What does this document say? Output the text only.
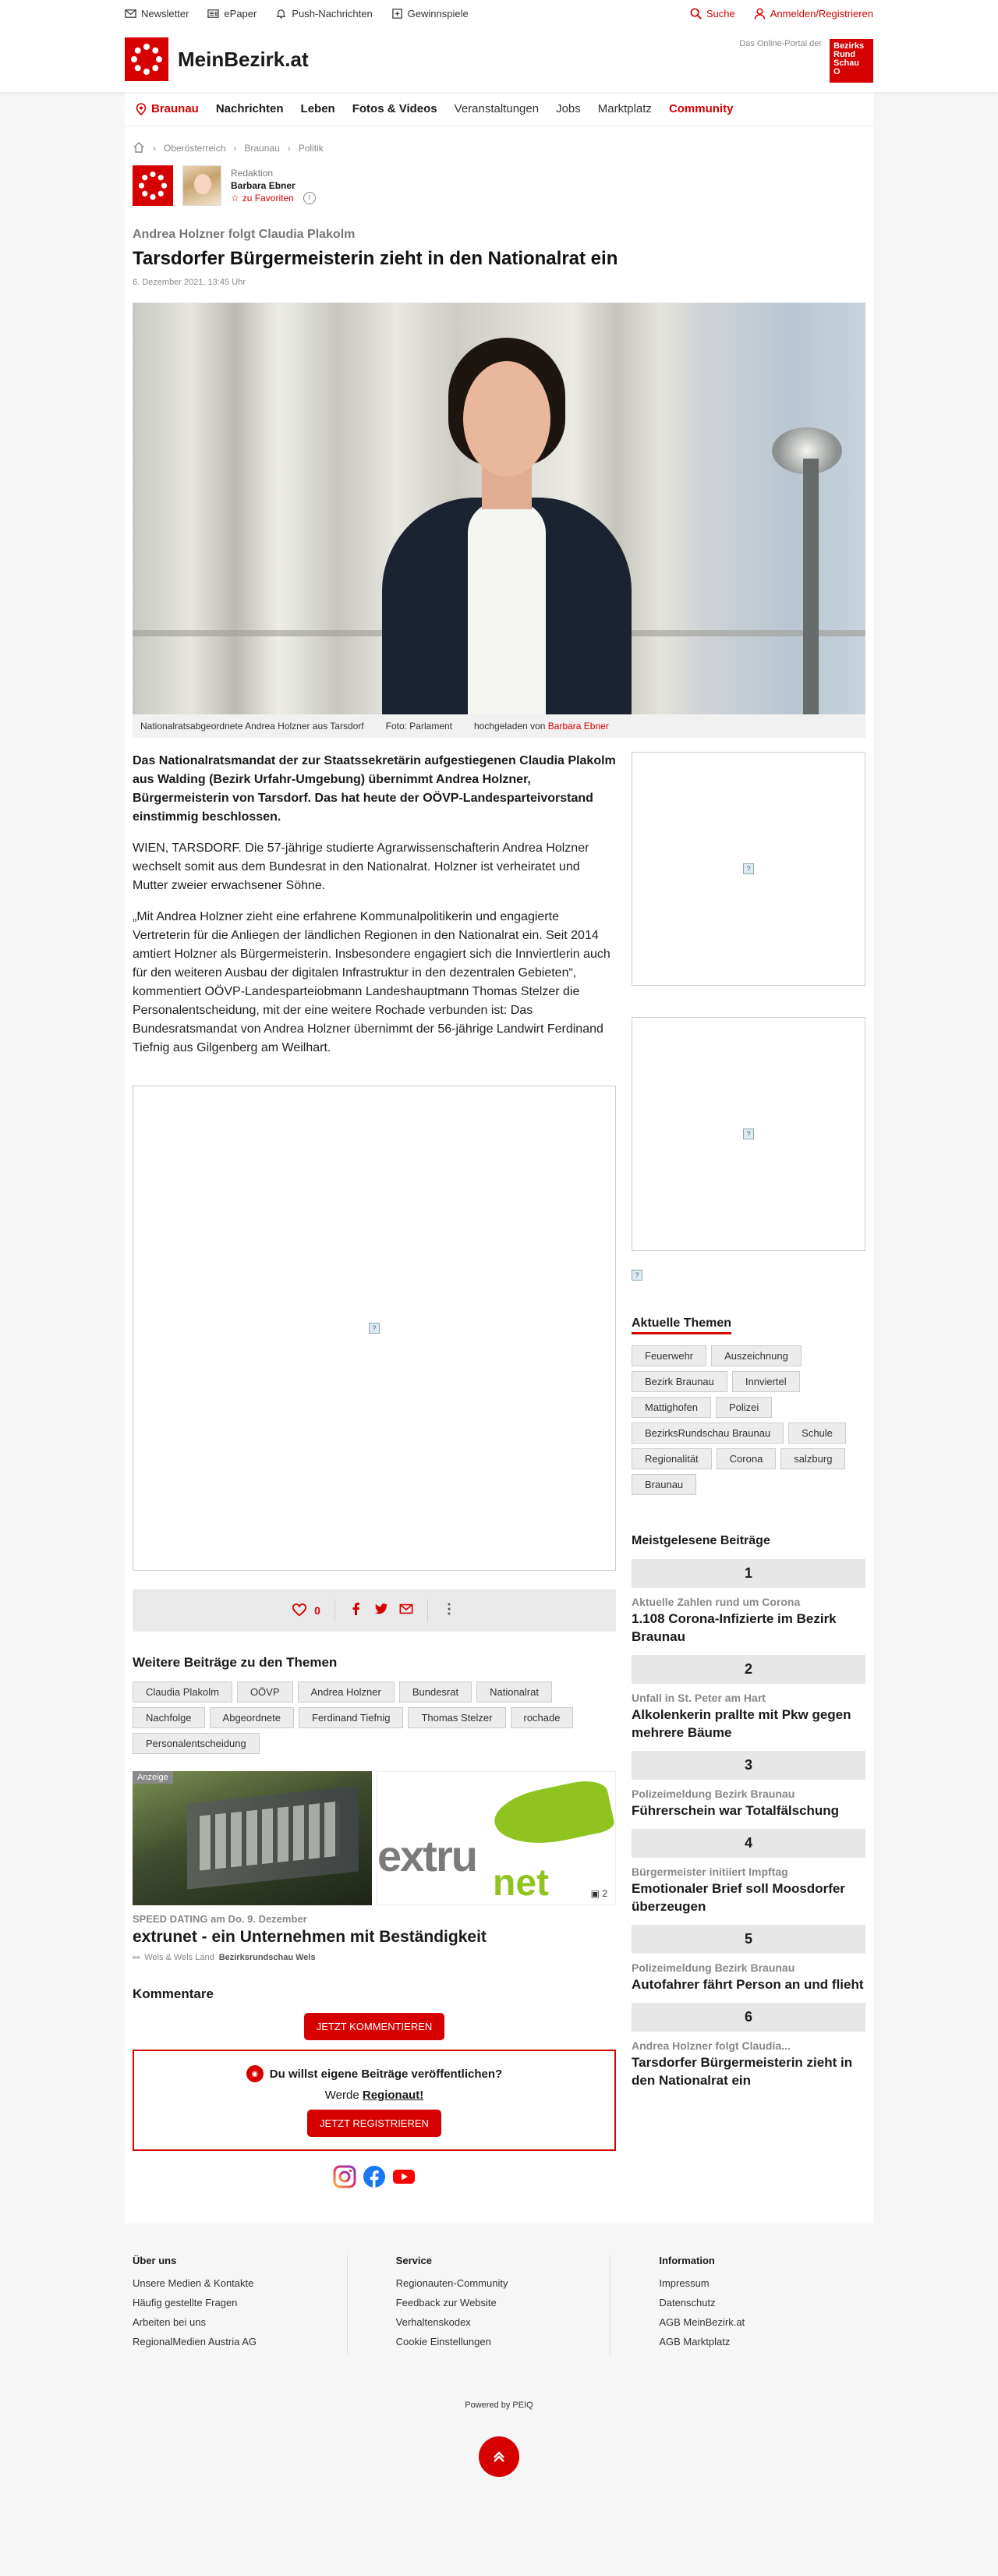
Newsletter	ePaper	Push-Nachrichten	Gewinnspiele	Suche	Anmelden/Registrieren
MeinBezirk.at
Das Online-Portal der Bezirks
Rund
Schau
O
Braunau Nachrichten Leben Fotos & Videos Veranstaltungen Jobs Marktplatz Community
› Oberösterreich › Braunau › Politik
Redaktion
Barbara Ebner
☆ zu Favoriten	i
Andrea Holzner folgt Claudia Plakolm
Tarsdorfer Bürgermeisterin zieht in den Nationalrat ein
6. Dezember 2021, 13:45 Uhr
Nationalratsabgeordnete Andrea Holzner aus Tarsdorf Foto: Parlament hochgeladen von Barbara Ebner

Das Nationalratsmandat der zur Staatssekretärin aufgestiegenen Claudia Plakolm aus Walding (Bezirk Urfahr-Umgebung) übernimmt Andrea Holzner, Bürgermeisterin von Tarsdorf. Das hat heute der OÖVP-Landesparteivorstand einstimmig beschlossen.

WIEN, TARSDORF. Die 57-jährige studierte Agrarwissenschafterin Andrea Holzner wechselt somit aus dem Bundesrat in den Nationalrat. Holzner ist verheiratet und Mutter zweier erwachsener Söhne.

„Mit Andrea Holzner zieht eine erfahrene Kommunalpolitikerin und engagierte Vertreterin für die Anliegen der ländlichen Regionen in den Nationalrat ein. Seit 2014 amtiert Holzner als Bürgermeisterin. Insbesondere engagiert sich die Innviertlerin auch für den weiteren Ausbau der digitalen Infrastruktur in den dezentralen Gebieten“, kommentiert OÖVP-Landesparteiobmann Landeshauptmann Thomas Stelzer die Personalentscheidung, mit der eine weitere Rochade verbunden ist: Das Bundesratsmandat von Andrea Holzner übernimmt der 56-jährige Landwirt Ferdinand Tiefnig aus Gilgenberg am Weilhart.

?
0
Weitere Beiträge zu den Themen
Claudia Plakolm	OÖVP	Andrea Holzner	Bundesrat	Nationalrat
Nachfolge	Abgeordnete	Ferdinand Tiefnig	Thomas Stelzer	rochade
Personalentscheidung
Anzeige
extru
net	▣ 2
SPEED DATING am Do. 9. Dezember
extrunet - ein Unternehmen mit Beständigkeit
⚯ Wels & Wels Land Bezirksrundschau Wels
Kommentare
JETZT KOMMENTIEREN
◉ Du willst eigene Beiträge veröffentlichen?
Werde Regionaut!
JETZT REGISTRIEREN
?
?
?
Aktuelle Themen
Feuerwehr	Auszeichnung
Bezirk Braunau	Innviertel
Mattighofen	Polizei
BezirksRundschau Braunau	Schule
Regionalität	Corona	salzburg
Braunau
Meistgelesene Beiträge
1
Aktuelle Zahlen rund um Corona
1.108 Corona-Infizierte im Bezirk Braunau
2
Unfall in St. Peter am Hart
Alkolenkerin prallte mit Pkw gegen mehrere Bäume
3
Polizeimeldung Bezirk Braunau
Führerschein war Totalfälschung
4
Bürgermeister initiiert Impftag
Emotionaler Brief soll Moosdorfer überzeugen
5
Polizeimeldung Bezirk Braunau
Autofahrer fährt Person an und flieht
6
Andrea Holzner folgt Claudia...
Tarsdorfer Bürgermeisterin zieht in den Nationalrat ein
Über uns
Unsere Medien & Kontakte
Häufig gestellte Fragen
Arbeiten bei uns
RegionalMedien Austria AG
Service
Regionauten-Community
Feedback zur Website
Verhaltenskodex
Cookie Einstellungen
Information
Impressum
Datenschutz
AGB MeinBezirk.at
AGB Marktplatz
Powered by PEIQ
